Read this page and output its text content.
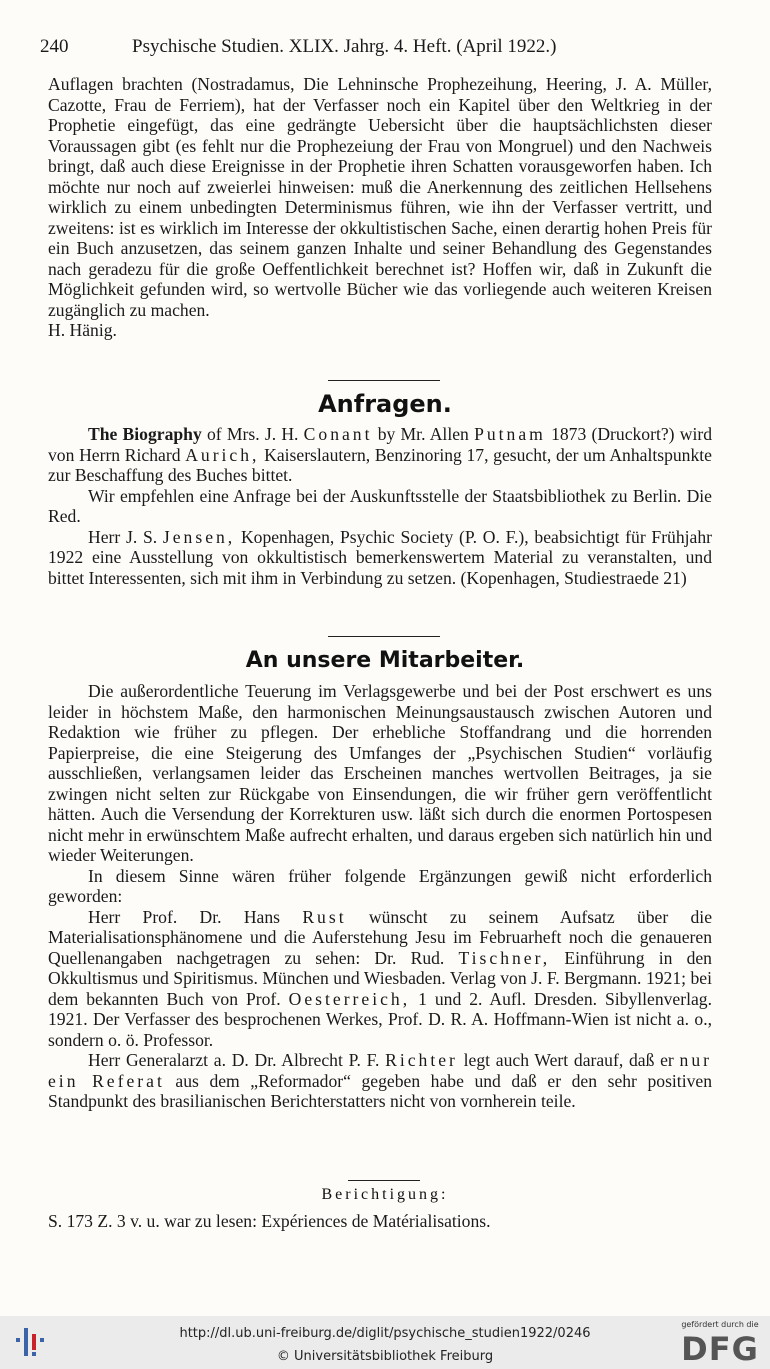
240	Psychische Studien. XLIX. Jahrg. 4. Heft. (April 1922.)

Auflagen brachten (Nostradamus, Die Lehninsche Prophezeihung, Heering, J. A. Müller, Cazotte, Frau de Ferriem), hat der Verfasser noch ein Kapitel über den Weltkrieg in der Prophetie eingefügt, das eine gedrängte Uebersicht über die hauptsächlichsten dieser Voraussagen gibt (es fehlt nur die Prophezeiung der Frau von Mongruel) und den Nachweis bringt, daß auch diese Ereignisse in der Prophetie ihren Schatten vorausgeworfen haben. Ich möchte nur noch auf zweierlei hinweisen: muß die Anerkennung des zeitlichen Hellsehens wirklich zu einem unbedingten Determinismus führen, wie ihn der Verfasser vertritt, und zweitens: ist es wirklich im Interesse der okkultistischen Sache, einen derartig hohen Preis für ein Buch anzusetzen, das seinem ganzen Inhalte und seiner Behandlung des Gegenstandes nach geradezu für die große Oeffentlichkeit berechnet ist? Hoffen wir, daß in Zukunft die Möglichkeit gefunden wird, so wertvolle Bücher wie das vorliegende auch weiteren Kreisen zugänglich zu machen.

H. Hänig.

Anfragen.

The Biography of Mrs. J. H. Conant by Mr. Allen Putnam 1873 (Druckort?) wird von Herrn Richard Aurich, Kaiserslautern, Benzinoring 17, gesucht, der um Anhaltspunkte zur Beschaffung des Buches bittet.

Wir empfehlen eine Anfrage bei der Auskunftsstelle der Staatsbibliothek zu Berlin. Die Red.

Herr J. S. Jensen, Kopenhagen, Psychic Society (P. O. F.), beabsichtigt für Frühjahr 1922 eine Ausstellung von okkultistisch bemerkenswertem Material zu veranstalten, und bittet Interessenten, sich mit ihm in Verbindung zu setzen. (Kopenhagen, Studiestraede 21)

An unsere Mitarbeiter.

Die außerordentliche Teuerung im Verlagsgewerbe und bei der Post erschwert es uns leider in höchstem Maße, den harmonischen Meinungsaustausch zwischen Autoren und Redaktion wie früher zu pflegen. Der erhebliche Stoffandrang und die horrenden Papierpreise, die eine Steigerung des Umfanges der „Psychischen Studien“ vorläufig ausschließen, verlangsamen leider das Erscheinen manches wertvollen Beitrages, ja sie zwingen nicht selten zur Rückgabe von Einsendungen, die wir früher gern veröffentlicht hätten. Auch die Versendung der Korrekturen usw. läßt sich durch die enormen Portospesen nicht mehr in erwünschtem Maße aufrecht erhalten, und daraus ergeben sich natürlich hin und wieder Weiterungen.

In diesem Sinne wären früher folgende Ergänzungen gewiß nicht erforderlich geworden:

Herr Prof. Dr. Hans Rust wünscht zu seinem Aufsatz über die Materialisationsphänomene und die Auferstehung Jesu im Februarheft noch die genaueren Quellenangaben nachgetragen zu sehen: Dr. Rud. Tischner, Einführung in den Okkultismus und Spiritismus. München und Wiesbaden. Verlag von J. F. Bergmann. 1921; bei dem bekannten Buch von Prof. Oesterreich, 1 und 2. Aufl. Dresden. Sibyllenverlag. 1921. Der Verfasser des besprochenen Werkes, Prof. D. R. A. Hoffmann-Wien ist nicht a. o., sondern o. ö. Professor.

Herr Generalarzt a. D. Dr. Albrecht P. F. Richter legt auch Wert darauf, daß er nur ein Referat aus dem „Reformador“ gegeben habe und daß er den sehr positiven Standpunkt des brasilianischen Berichterstatters nicht von vornherein teile.

Berichtigung:

S. 173 Z. 3 v. u. war zu lesen: Expériences de Matérialisations.

http://dl.ub.uni-freiburg.de/diglit/psychische_studien1922/0246
© Universitätsbibliothek Freiburg
gefördert durch die
DFG
